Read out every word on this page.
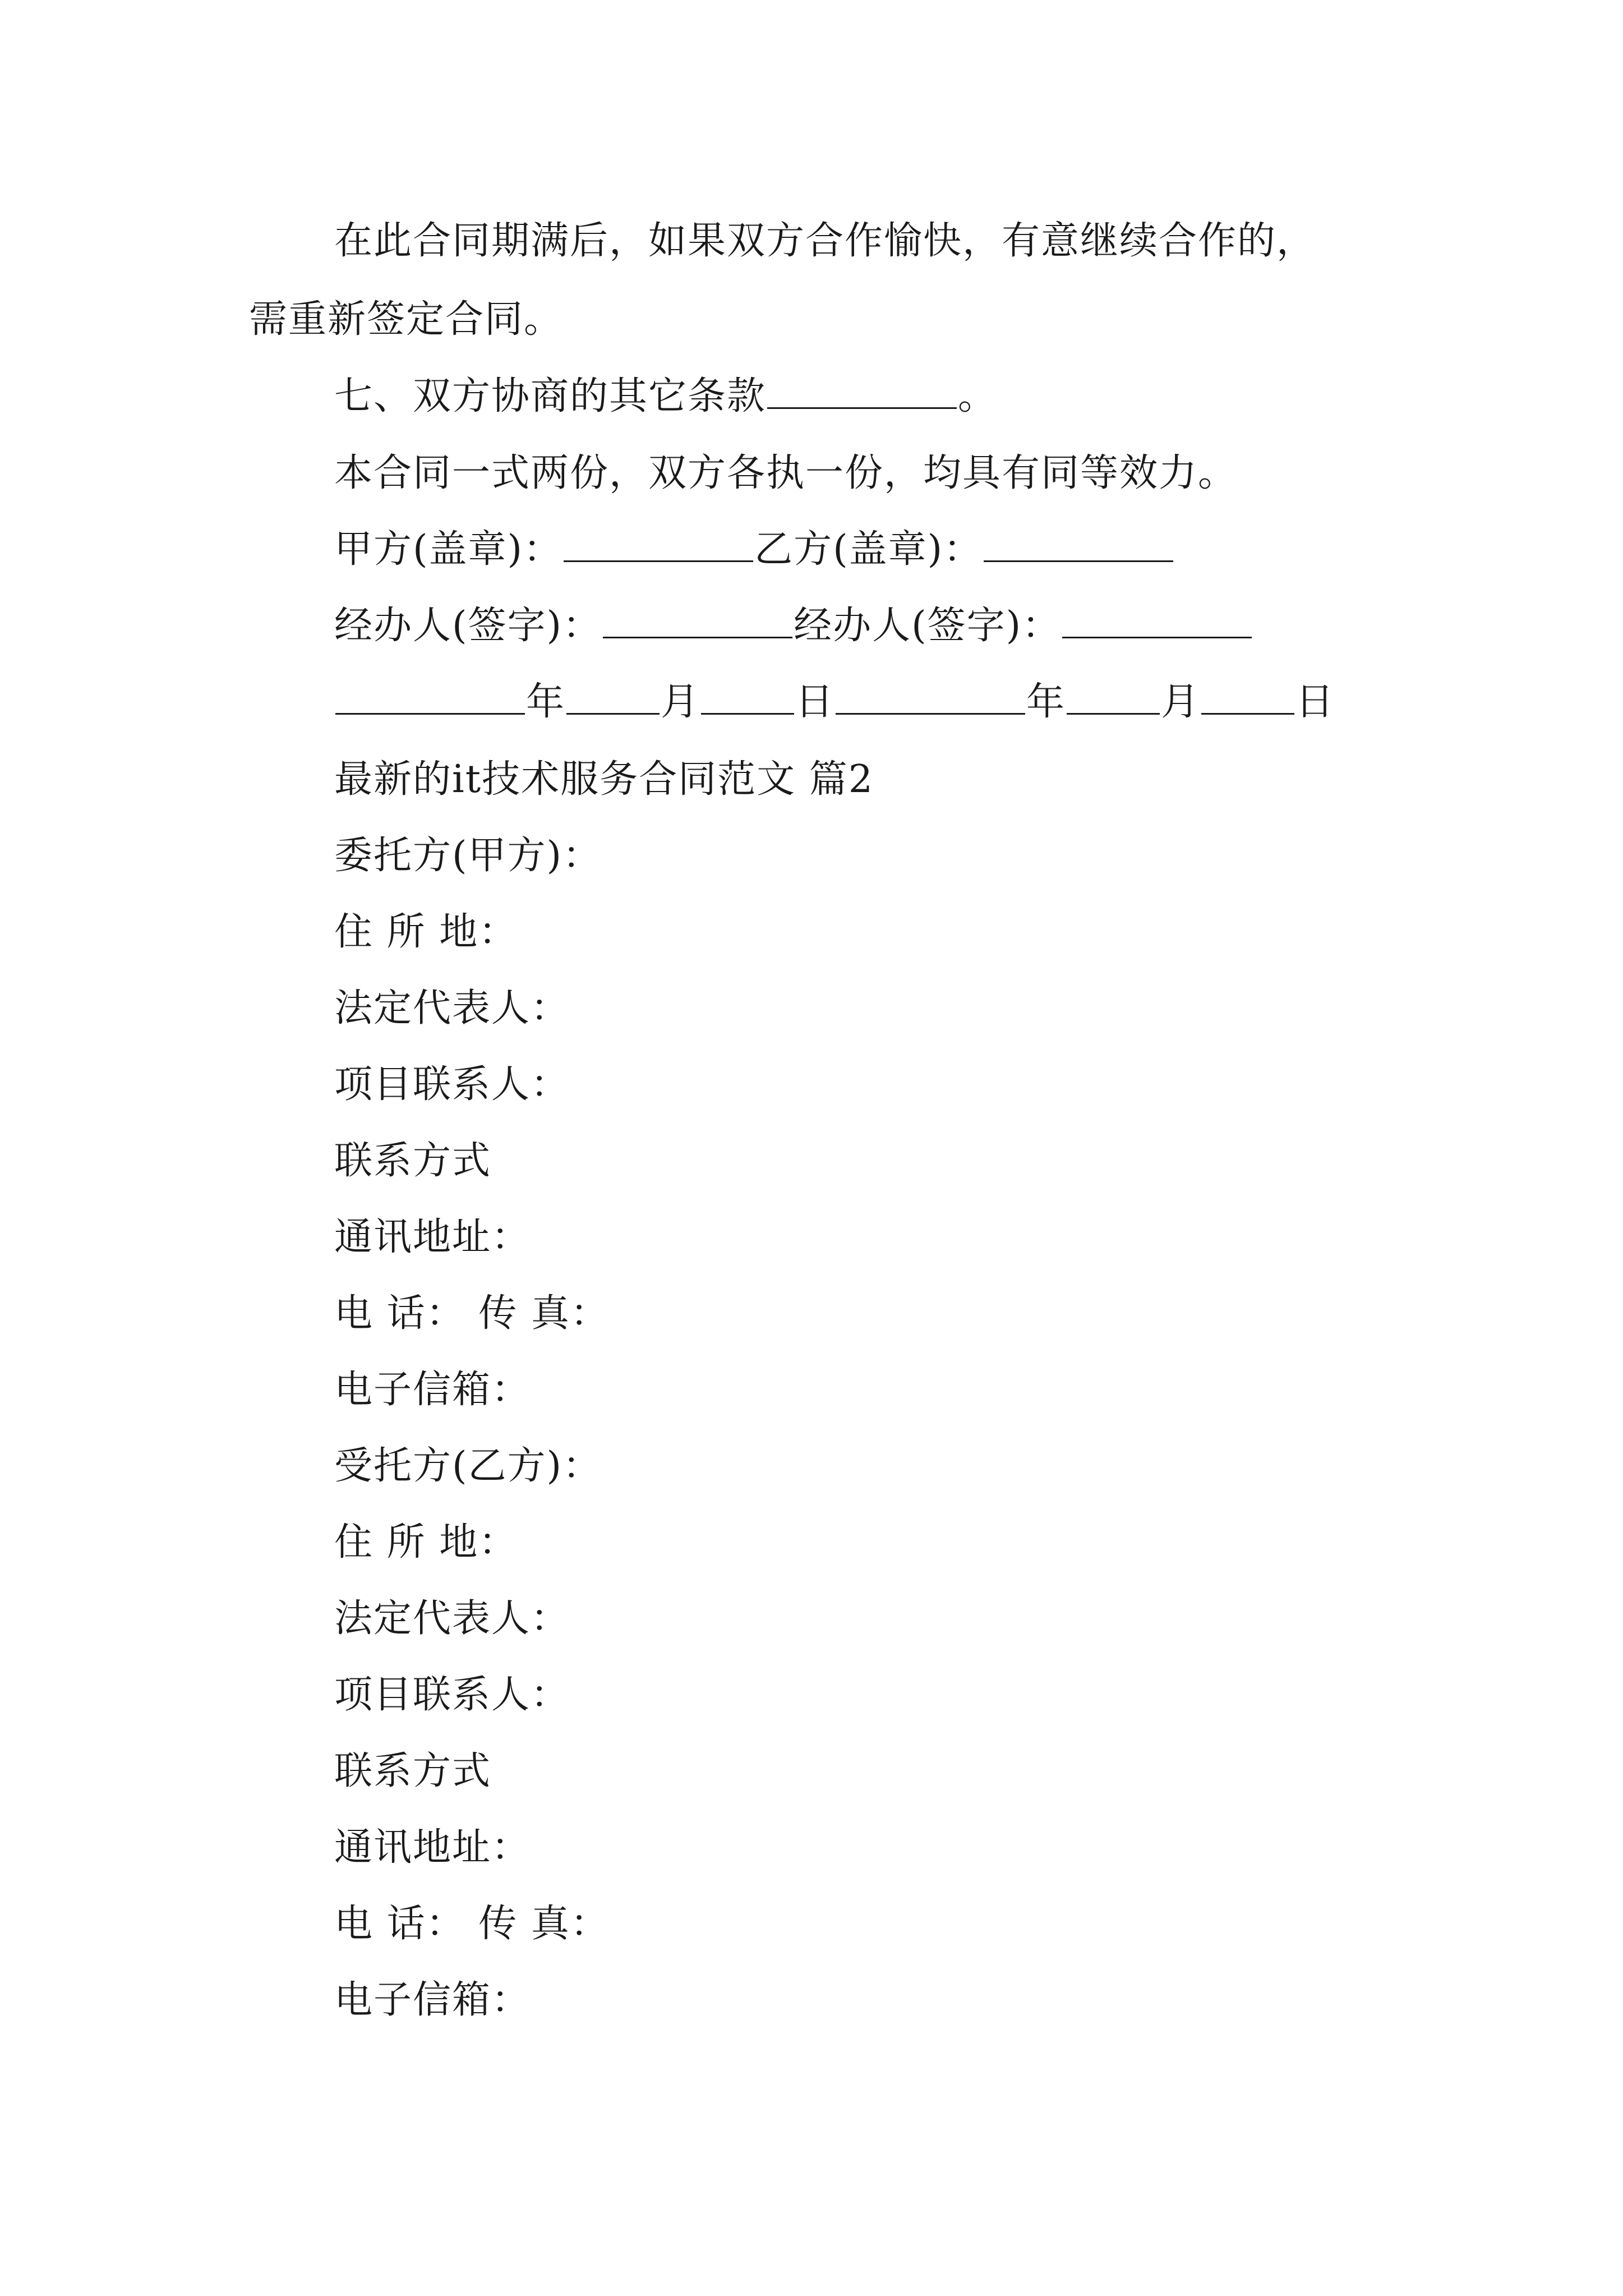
在此合同期满后，如果双方合作愉快，有意继续合作的，
需重新签定合同。
七、双方协商的其它条款	。
本合同一式两份，双方各执一份，均具有同等效力。
甲方(盖章)：	乙方(盖章)：
经办人(签字)：	经办人(签字)：
年	月	日	年	月	日
最新的it技术服务合同范文 篇2
委托方(甲方)：
住 所 地：
法定代表人：
项目联系人：
联系方式
通讯地址：
电 话： 传 真：
电子信箱：
受托方(乙方)：
住 所 地：
法定代表人：
项目联系人：
联系方式
通讯地址：
电 话： 传 真：
电子信箱：
